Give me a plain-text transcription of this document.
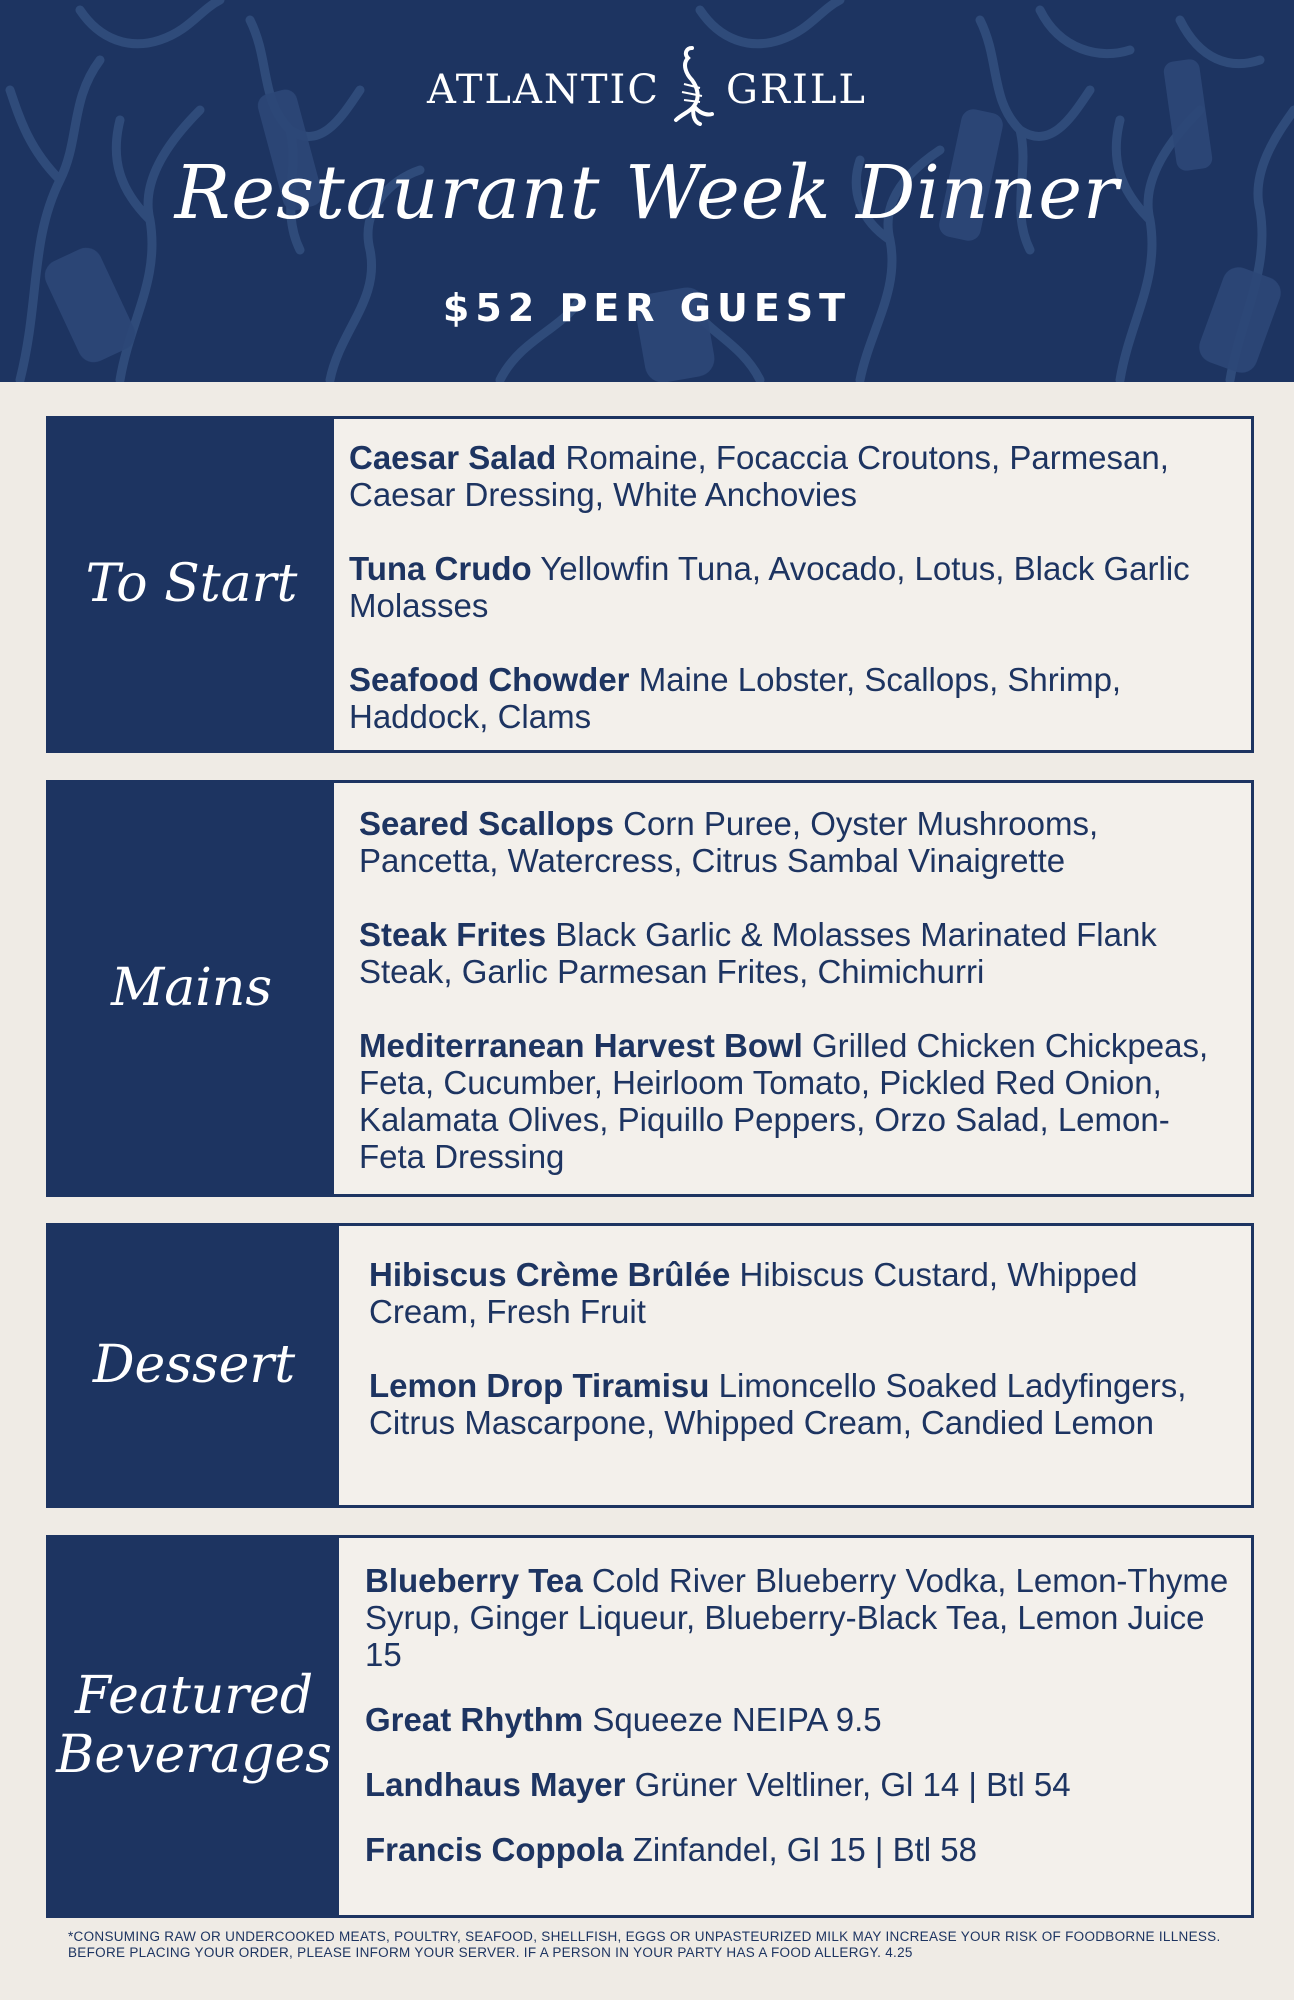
ATLANTIC GRILL
Restaurant Week Dinner
$52 PER GUEST
To Start
Caesar Salad Romaine, Focaccia Croutons, Parmesan, Caesar Dressing, White Anchovies
Tuna Crudo Yellowfin Tuna, Avocado, Lotus, Black Garlic Molasses
Seafood Chowder Maine Lobster, Scallops, Shrimp, Haddock, Clams
Mains
Seared Scallops Corn Puree, Oyster Mushrooms, Pancetta, Watercress, Citrus Sambal Vinaigrette
Steak Frites Black Garlic & Molasses Marinated Flank Steak, Garlic Parmesan Frites, Chimichurri
Mediterranean Harvest Bowl Grilled Chicken Chickpeas, Feta, Cucumber, Heirloom Tomato, Pickled Red Onion, Kalamata Olives, Piquillo Peppers, Orzo Salad, Lemon-Feta Dressing
Dessert
Hibiscus Crème Brûlée Hibiscus Custard, Whipped Cream, Fresh Fruit
Lemon Drop Tiramisu Limoncello Soaked Ladyfingers, Citrus Mascarpone, Whipped Cream, Candied Lemon
Featured
Beverages
Blueberry Tea Cold River Blueberry Vodka, Lemon-Thyme Syrup, Ginger Liqueur, Blueberry-Black Tea, Lemon Juice 15
Great Rhythm Squeeze NEIPA 9.5
Landhaus Mayer Grüner Veltliner, Gl 14 | Btl 54
Francis Coppola Zinfandel, Gl 15 | Btl 58
*CONSUMING RAW OR UNDERCOOKED MEATS, POULTRY, SEAFOOD, SHELLFISH, EGGS OR UNPASTEURIZED MILK MAY INCREASE YOUR RISK OF FOODBORNE ILLNESS. BEFORE PLACING YOUR ORDER, PLEASE INFORM YOUR SERVER. IF A PERSON IN YOUR PARTY HAS A FOOD ALLERGY. 4.25
